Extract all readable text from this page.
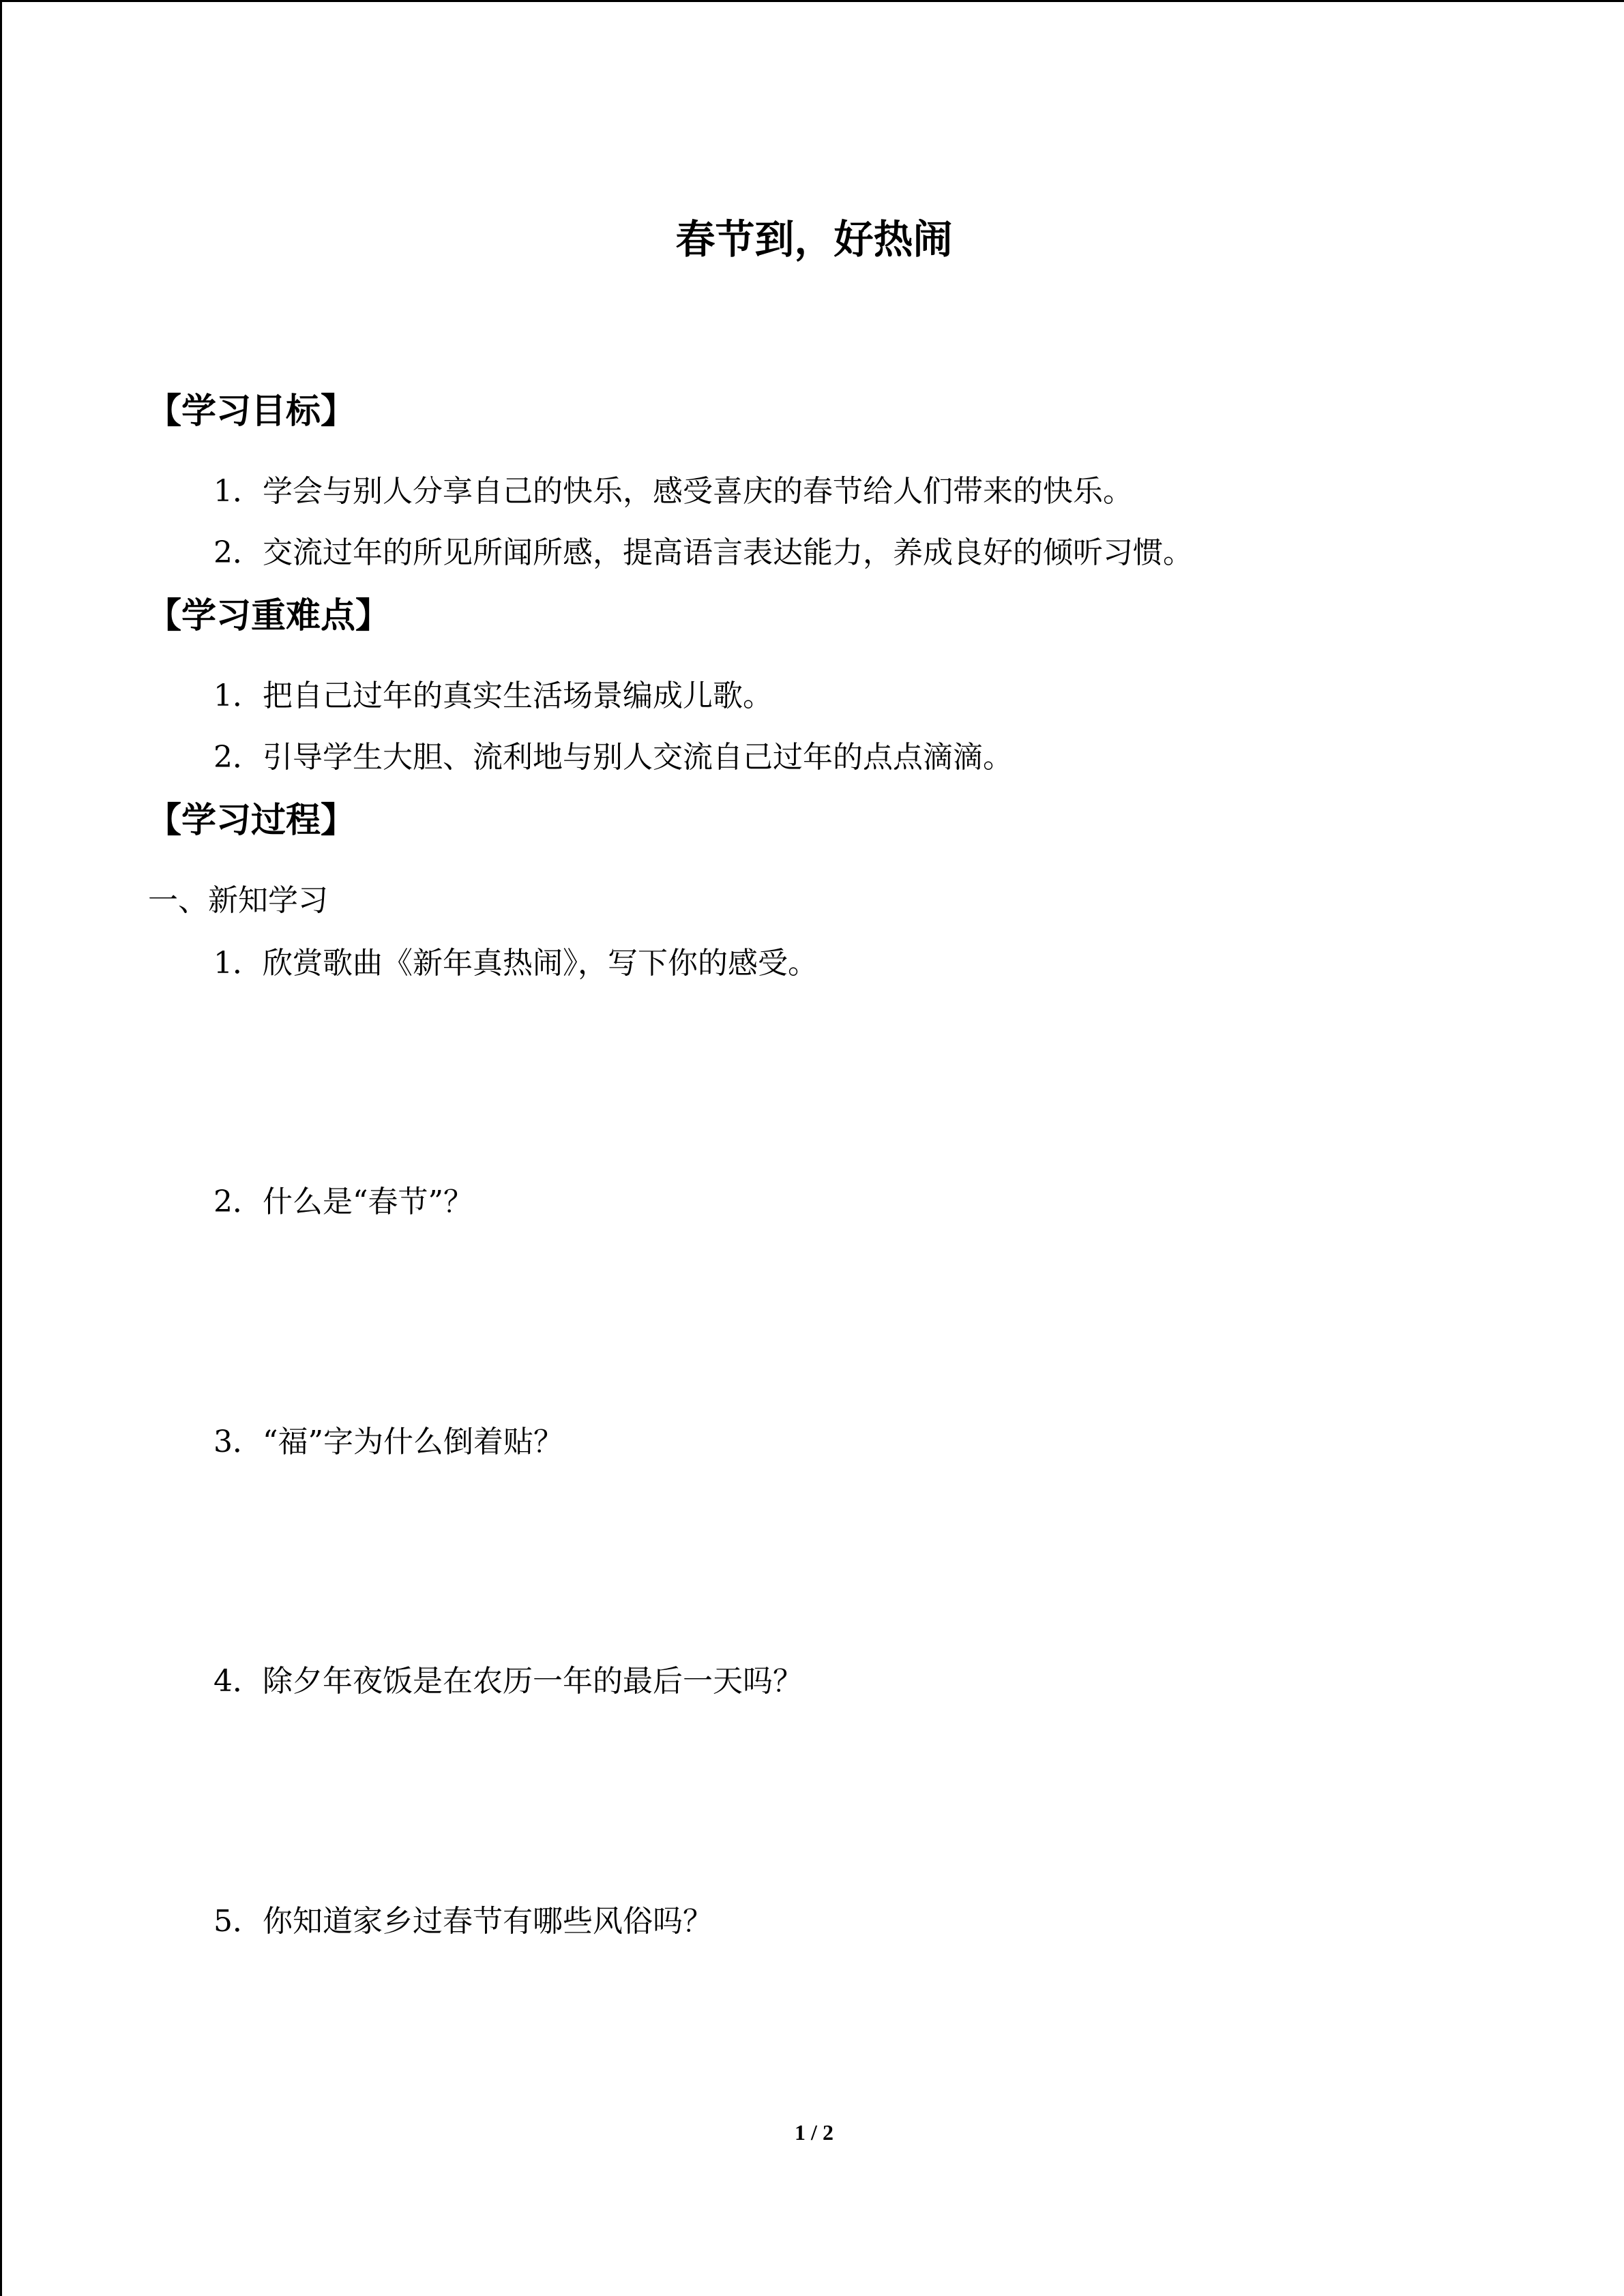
春节到，好热闹
【学习目标】
1．学会与别人分享自己的快乐，感受喜庆的春节给人们带来的快乐。
2．交流过年的所见所闻所感，提高语言表达能力，养成良好的倾听习惯。
【学习重难点】
1．把自己过年的真实生活场景编成儿歌。
2．引导学生大胆、流利地与别人交流自己过年的点点滴滴。
【学习过程】
一、新知学习
1．欣赏歌曲《新年真热闹》，写下你的感受。
2．什么是“春节”？
3．“福”字为什么倒着贴？
4．除夕年夜饭是在农历一年的最后一天吗？
5．你知道家乡过春节有哪些风俗吗？
1 / 2
